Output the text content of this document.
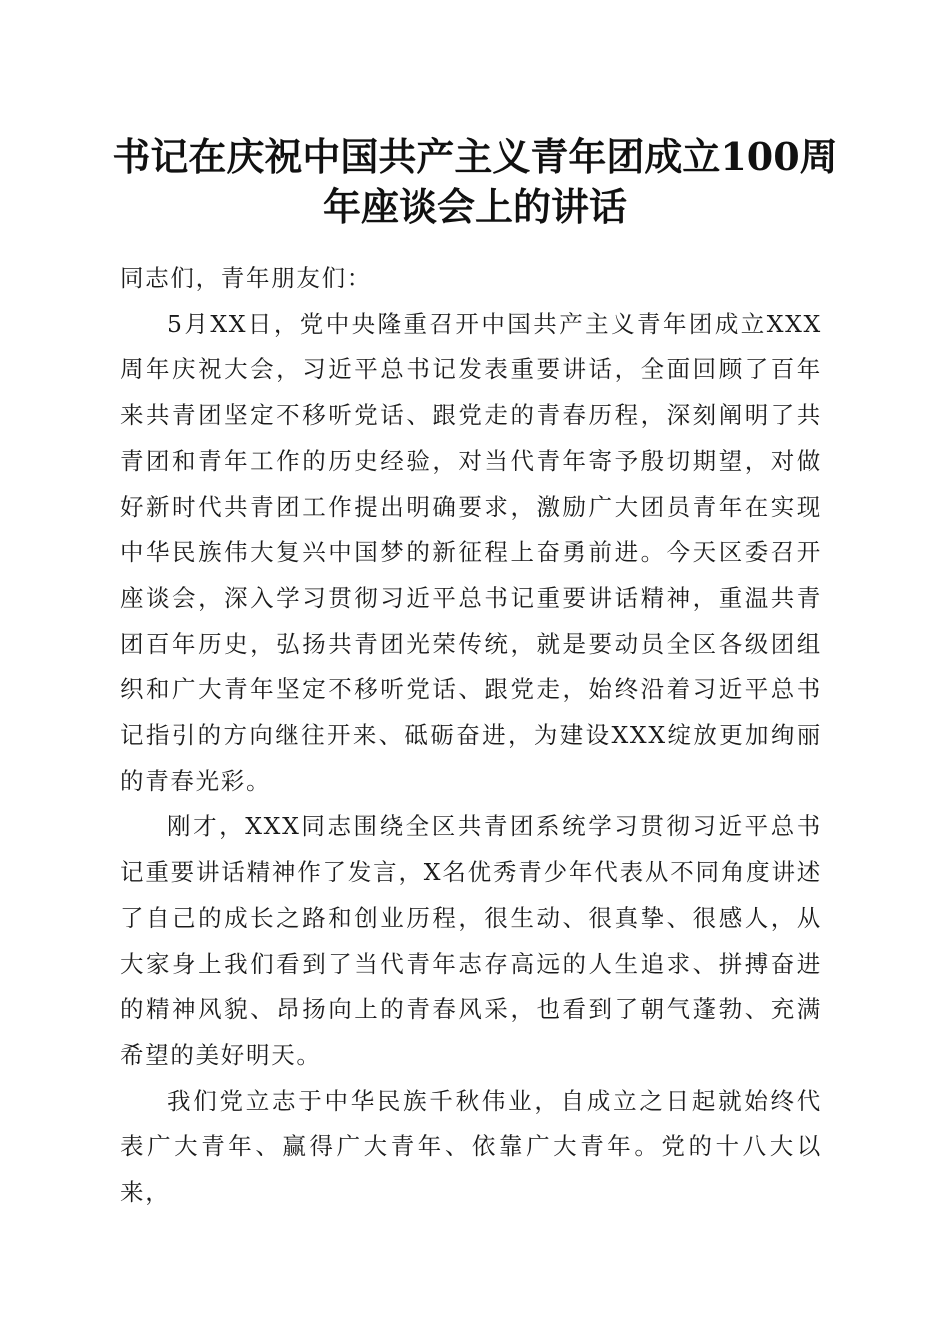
书记在庆祝中国共产主义青年团成立100周年座谈会上的讲话

同志们，青年朋友们：

5月XX日，党中央隆重召开中国共产主义青年团成立XXX周年庆祝大会，习近平总书记发表重要讲话，全面回顾了百年来共青团坚定不移听党话、跟党走的青春历程，深刻阐明了共青团和青年工作的历史经验，对当代青年寄予殷切期望，对做好新时代共青团工作提出明确要求，激励广大团员青年在实现中华民族伟大复兴中国梦的新征程上奋勇前进。今天区委召开座谈会，深入学习贯彻习近平总书记重要讲话精神，重温共青团百年历史，弘扬共青团光荣传统，就是要动员全区各级团组织和广大青年坚定不移听党话、跟党走，始终沿着习近平总书记指引的方向继往开来、砥砺奋进，为建设XXX绽放更加绚丽的青春光彩。

刚才，XXX同志围绕全区共青团系统学习贯彻习近平总书记重要讲话精神作了发言，X名优秀青少年代表从不同角度讲述了自己的成长之路和创业历程，很生动、很真挚、很感人，从大家身上我们看到了当代青年志存高远的人生追求、拼搏奋进的精神风貌、昂扬向上的青春风采，也看到了朝气蓬勃、充满希望的美好明天。

我们党立志于中华民族千秋伟业，自成立之日起就始终代表广大青年、赢得广大青年、依靠广大青年。党的十八大以来，
